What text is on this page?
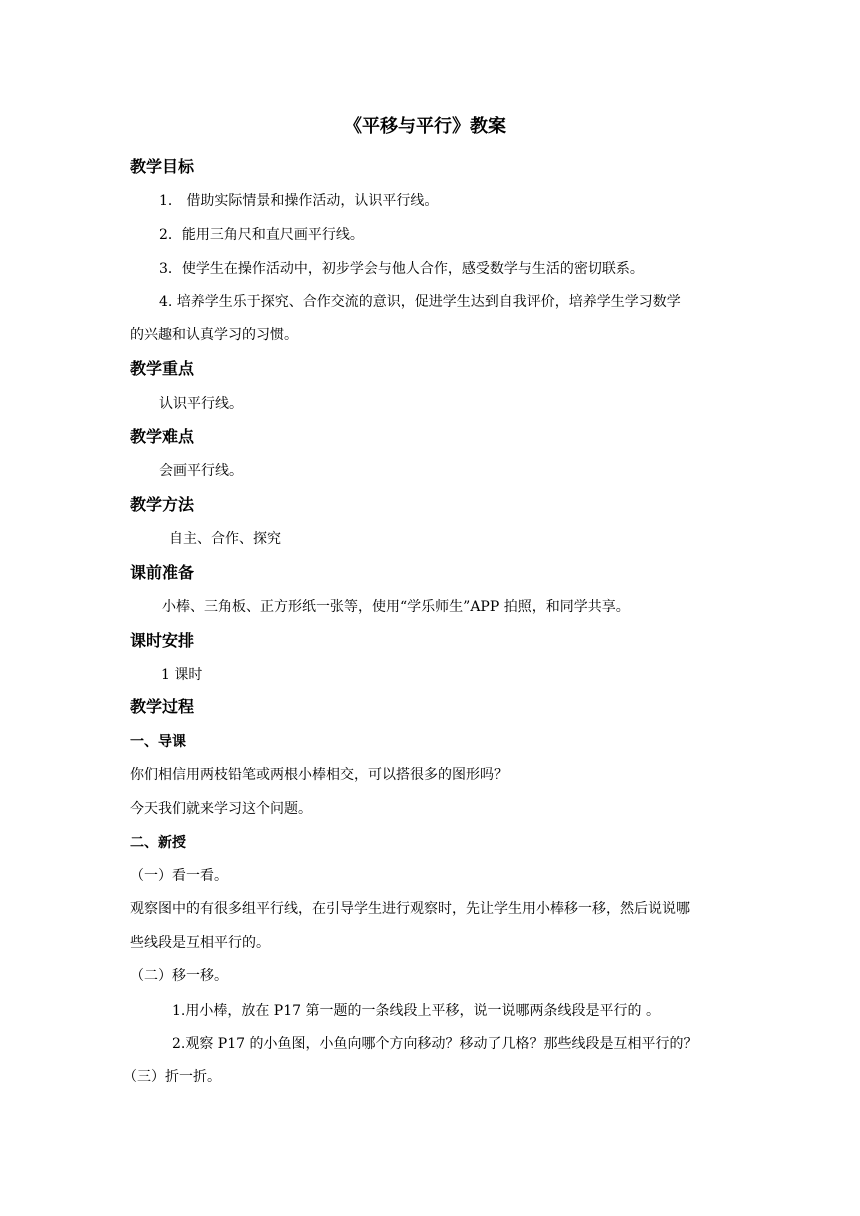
《平移与平行》教案
教学目标
1． 借助实际情景和操作活动，认识平行线。
2．能用三角尺和直尺画平行线。
3．使学生在操作活动中，初步学会与他人合作，感受数学与生活的密切联系。
4. 培养学生乐于探究、合作交流的意识，促进学生达到自我评价，培养学生学习数学
的兴趣和认真学习的习惯。
教学重点
认识平行线。
教学难点
会画平行线。
教学方法
自主、合作、探究
课前准备
小棒、三角板、正方形纸一张等，使用“学乐师生”APP 拍照，和同学共享。
课时安排
1 课时
教学过程
一、导课
你们相信用两枝铅笔或两根小棒相交，可以搭很多的图形吗？
今天我们就来学习这个问题。
二、新授
（一）看一看。
观察图中的有很多组平行线，在引导学生进行观察时，先让学生用小棒移一移，然后说说哪
些线段是互相平行的。
（二）移一移。
1.用小棒，放在 P17 第一题的一条线段上平移，说一说哪两条线段是平行的 。
2.观察 P17 的小鱼图，小鱼向哪个方向移动？移动了几格？那些线段是互相平行的？
（三）折一折。
